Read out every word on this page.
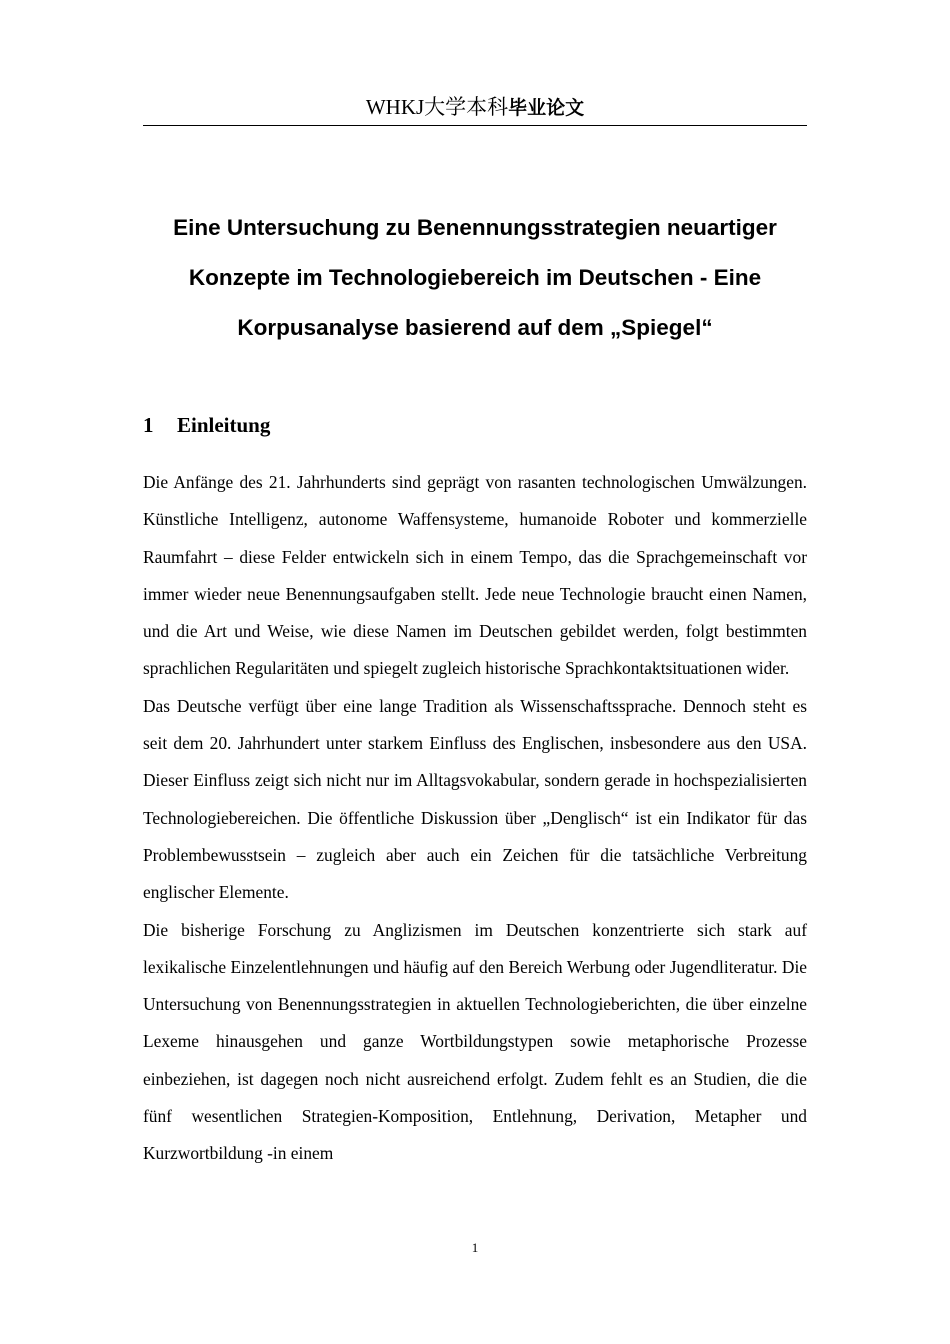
WHKJ大学本科毕业论文
Eine Untersuchung zu Benennungsstrategien neuartiger Konzepte im Technologiebereich im Deutschen - Eine Korpusanalyse basierend auf dem „Spiegel“
1 Einleitung

Die Anfänge des 21. Jahrhunderts sind geprägt von rasanten technologischen Umwälzungen. Künstliche Intelligenz, autonome Waffensysteme, humanoide Roboter und kommerzielle Raumfahrt – diese Felder entwickeln sich in einem Tempo, das die Sprachgemeinschaft vor immer wieder neue Benennungsaufgaben stellt. Jede neue Technologie braucht einen Namen, und die Art und Weise, wie diese Namen im Deutschen gebildet werden, folgt bestimmten sprachlichen Regularitäten und spiegelt zugleich historische Sprachkontaktsituationen wider.

Das Deutsche verfügt über eine lange Tradition als Wissenschaftssprache. Dennoch steht es seit dem 20. Jahrhundert unter starkem Einfluss des Englischen, insbesondere aus den USA. Dieser Einfluss zeigt sich nicht nur im Alltagsvokabular, sondern gerade in hochspezialisierten Technologiebereichen. Die öffentliche Diskussion über „Denglisch“ ist ein Indikator für das Problembewusstsein – zugleich aber auch ein Zeichen für die tatsächliche Verbreitung englischer Elemente.

Die bisherige Forschung zu Anglizismen im Deutschen konzentrierte sich stark auf lexikalische Einzelentlehnungen und häufig auf den Bereich Werbung oder Jugendliteratur. Die Untersuchung von Benennungsstrategien in aktuellen Technologieberichten, die über einzelne Lexeme hinausgehen und ganze Wortbildungstypen sowie metaphorische Prozesse einbeziehen, ist dagegen noch nicht ausreichend erfolgt. Zudem fehlt es an Studien, die die fünf wesentlichen Strategien-Komposition, Entlehnung, Derivation, Metapher und Kurzwortbildung -in einem

1
